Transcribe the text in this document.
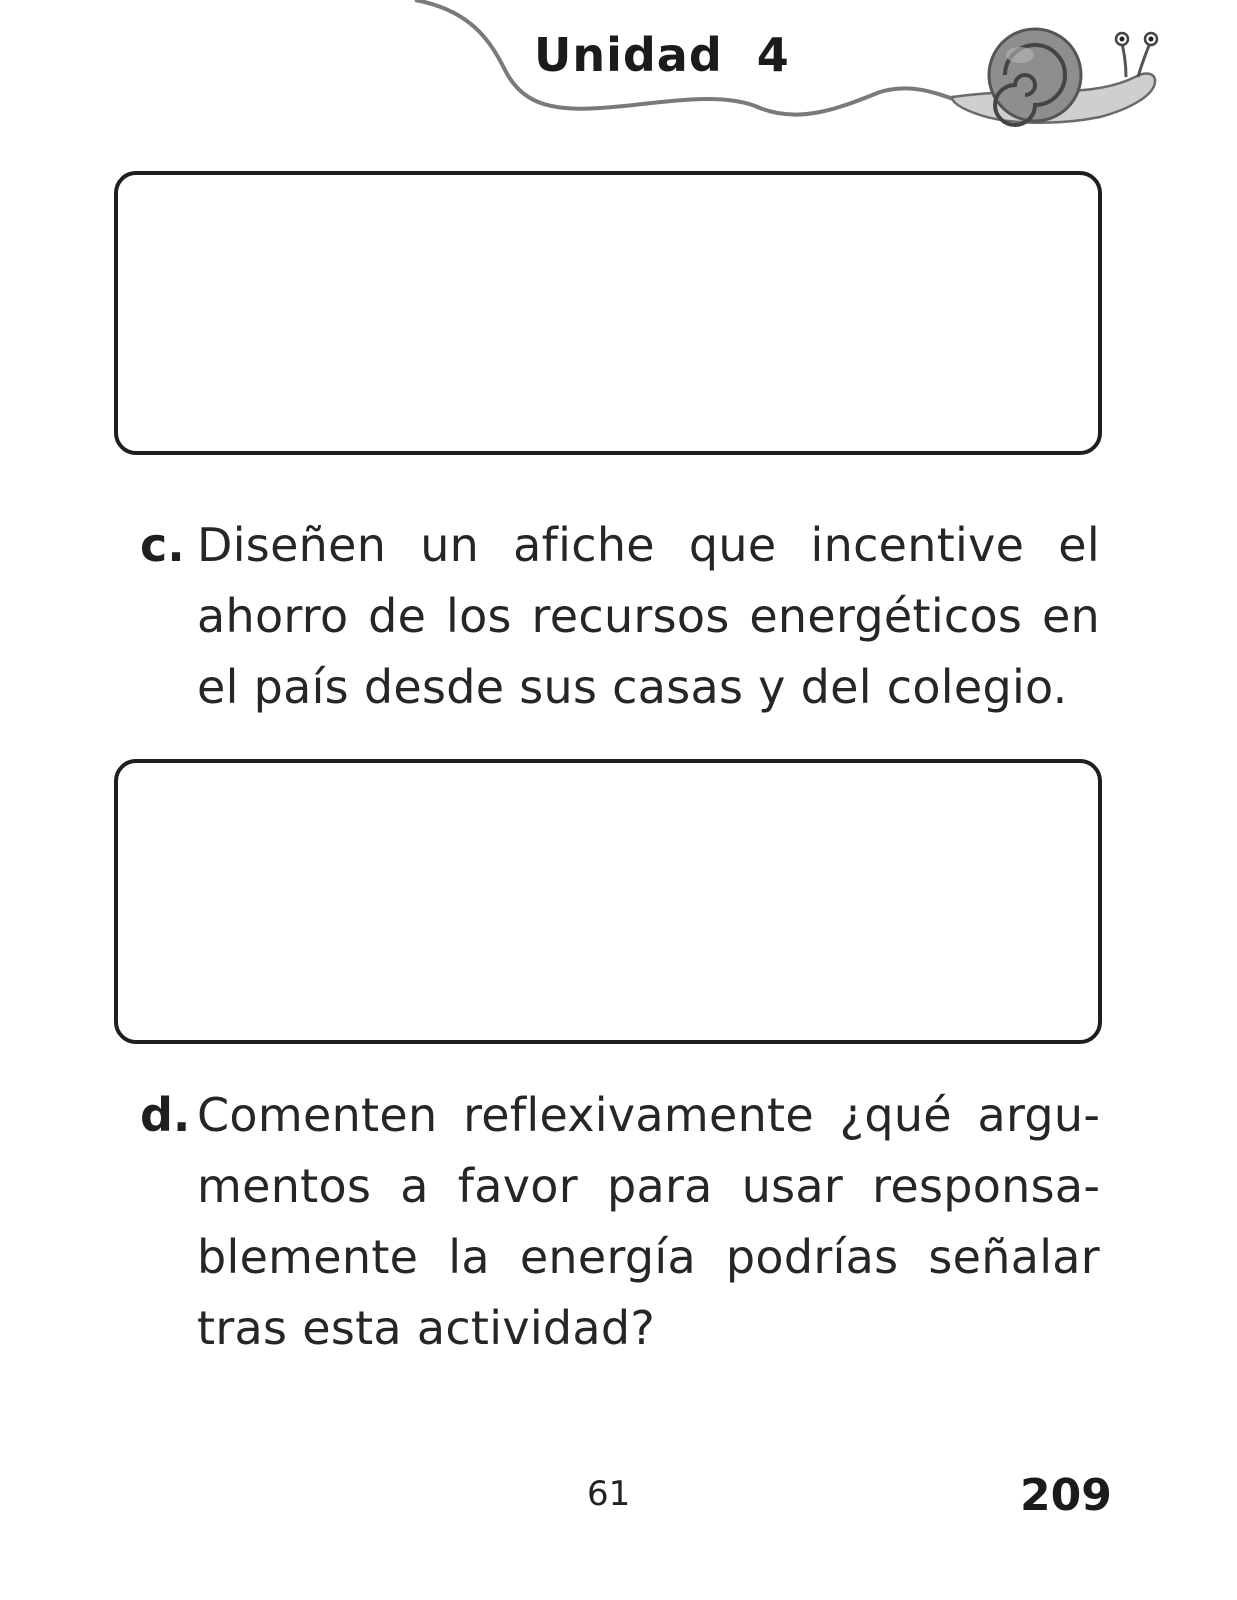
Unidad  4
c. Diseñen un afiche que incentive el ahorro de los recursos energéticos en el país desde sus casas y del colegio.
d. Comenten reflexivamente ¿qué argumentos a favor para usar responsablemente la energía podrías señalar tras esta actividad?
61	209
